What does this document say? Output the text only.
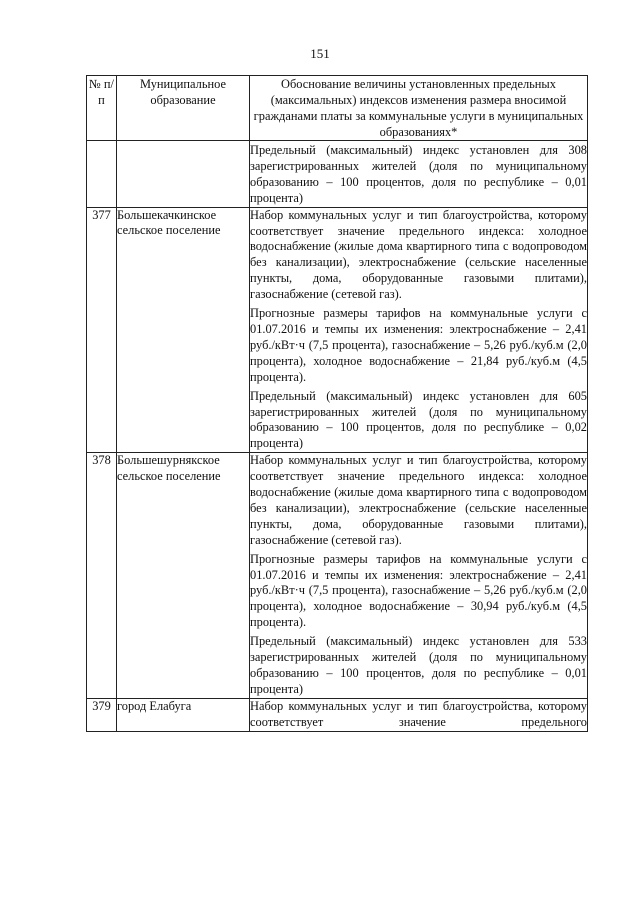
151
№ п/п	Муниципальное образование	Обоснование величины установленных предельных (максимальных) индексов изменения размера вносимой гражданами платы за коммунальные услуги в муниципальных образованиях*

		Предельный (максимальный) индекс установлен для 308 зарегистрированных жителей (доля по муниципальному образованию – 100 процентов, доля по республике – 0,01 процента)

377	Большекачкинское сельское поселение	Набор коммунальных услуг и тип благоустройства, которому соответствует значение предельного индекса: холодное водоснабжение (жилые дома квартирного типа с водопроводом без канализации), электроснабжение (сельские населенные пункты, дома, оборудованные газовыми плитами), газоснабжение (сетевой газ).
Прогнозные размеры тарифов на коммунальные услуги с 01.07.2016 и темпы их изменения: электроснабжение – 2,41 руб./кВт·ч (7,5 процента), газоснабжение – 5,26 руб./куб.м (2,0 процента), холодное водоснабжение – 21,84 руб./куб.м (4,5 процента).
Предельный (максимальный) индекс установлен для 605 зарегистрированных жителей (доля по муниципальному образованию – 100 процентов, доля по республике – 0,02 процента)

378	Большешурнякское сельское поселение	Набор коммунальных услуг и тип благоустройства, которому соответствует значение предельного индекса: холодное водоснабжение (жилые дома квартирного типа с водопроводом без канализации), электроснабжение (сельские населенные пункты, дома, оборудованные газовыми плитами), газоснабжение (сетевой газ).
Прогнозные размеры тарифов на коммунальные услуги с 01.07.2016 и темпы их изменения: электроснабжение – 2,41 руб./кВт·ч (7,5 процента), газоснабжение – 5,26 руб./куб.м (2,0 процента), холодное водоснабжение – 30,94 руб./куб.м (4,5 процента).
Предельный (максимальный) индекс установлен для 533 зарегистрированных жителей (доля по муниципальному образованию – 100 процентов, доля по республике – 0,01 процента)

379	город Елабуга	Набор коммунальных услуг и тип благоустройства, которому соответствует значение предельного
